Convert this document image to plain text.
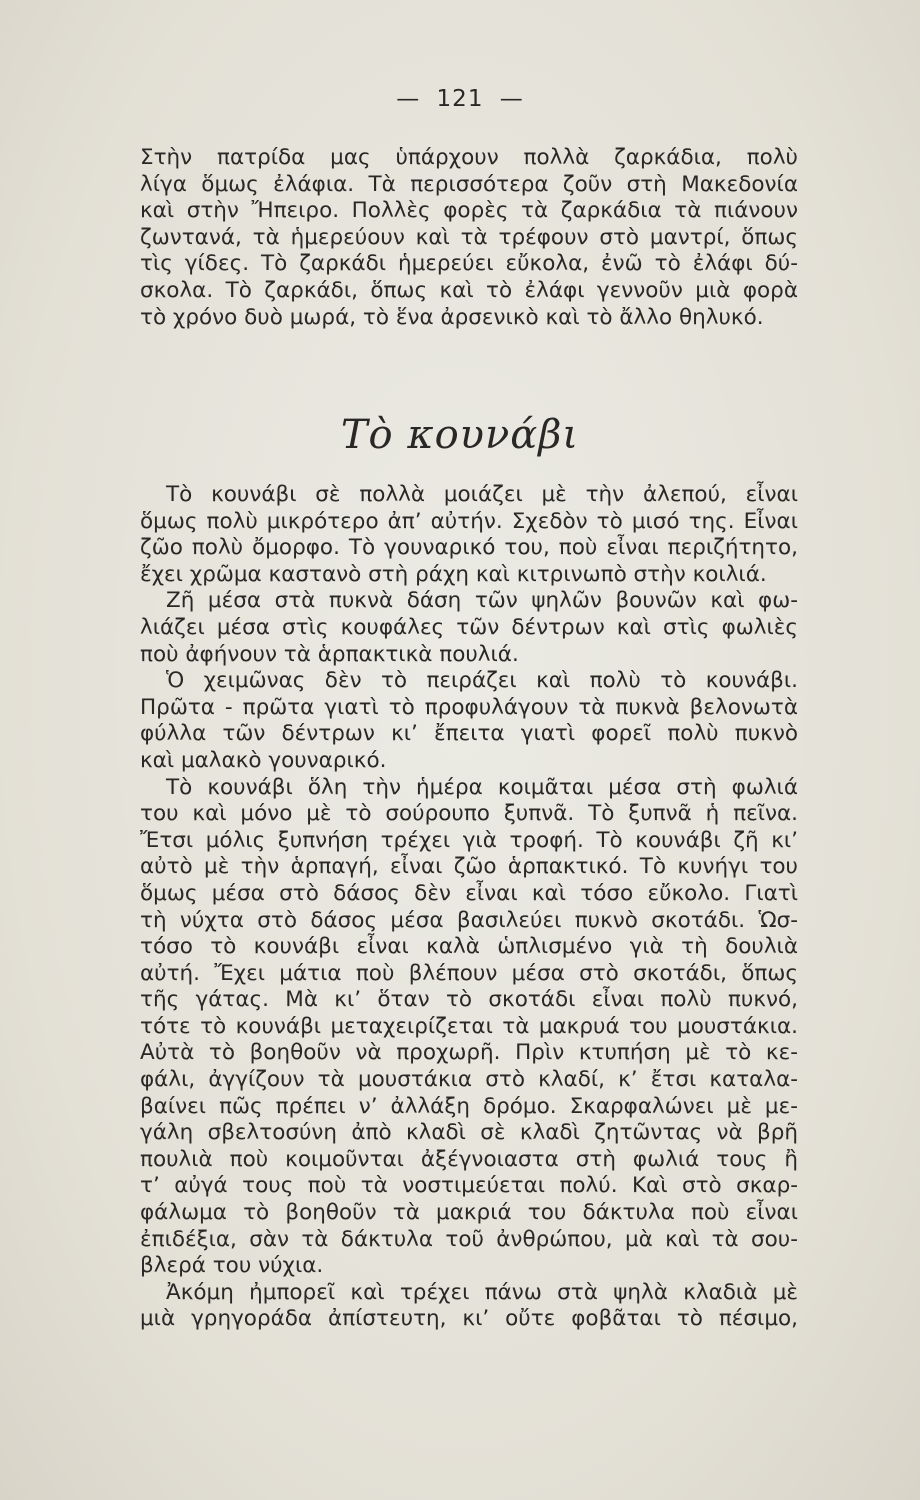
— 121 —
Στὴν πατρίδα μας ὑπάρχουν πολλὰ ζαρκάδια, πολὺ
λίγα ὅμως ἐλάφια. Τὰ περισσότερα ζοῦν στὴ Μακεδονία
καὶ στὴν Ἤπειρο. Πολλὲς φορὲς τὰ ζαρκάδια τὰ πιάνουν
ζωντανά, τὰ ἡμερεύουν καὶ τὰ τρέφουν στὸ μαντρί, ὅπως
τὶς γίδες. Τὸ ζαρκάδι ἡμερεύει εὔκολα, ἐνῶ τὸ ἐλάφι δύ-
σκολα. Τὸ ζαρκάδι, ὅπως καὶ τὸ ἐλάφι γεννοῦν μιὰ φορὰ
τὸ χρόνο δυὸ μωρά, τὸ ἕνα ἀρσενικὸ καὶ τὸ ἄλλο θηλυκό.
Τὸ κουνάβι
Τὸ κουνάβι σὲ πολλὰ μοιάζει μὲ τὴν ἀλεπού, εἶναι
ὅμως πολὺ μικρότερο ἀπ’ αὐτήν. Σχεδὸν τὸ μισό της. Εἶναι
ζῶο πολὺ ὄμορφο. Τὸ γουναρικό του, ποὺ εἶναι περιζήτητο,
ἔχει χρῶμα καστανὸ στὴ ράχη καὶ κιτρινωπὸ στὴν κοιλιά.
Ζῆ μέσα στὰ πυκνὰ δάση τῶν ψηλῶν βουνῶν καὶ φω-
λιάζει μέσα στὶς κουφάλες τῶν δέντρων καὶ στὶς φωλιὲς
ποὺ ἀφήνουν τὰ ἁρπακτικὰ πουλιά.
Ὁ χειμῶνας δὲν τὸ πειράζει καὶ πολὺ τὸ κουνάβι.
Πρῶτα - πρῶτα γιατὶ τὸ προφυλάγουν τὰ πυκνὰ βελονωτὰ
φύλλα τῶν δέντρων κι’ ἔπειτα γιατὶ φορεῖ πολὺ πυκνὸ
καὶ μαλακὸ γουναρικό.
Τὸ κουνάβι ὅλη τὴν ἡμέρα κοιμᾶται μέσα στὴ φωλιά
του καὶ μόνο μὲ τὸ σούρουπο ξυπνᾶ. Τὸ ξυπνᾶ ἡ πεῖνα.
Ἔτσι μόλις ξυπνήση τρέχει γιὰ τροφή. Τὸ κουνάβι ζῆ κι’
αὐτὸ μὲ τὴν ἁρπαγή, εἶναι ζῶο ἁρπακτικό. Τὸ κυνήγι του
ὅμως μέσα στὸ δάσος δὲν εἶναι καὶ τόσο εὔκολο. Γιατὶ
τὴ νύχτα στὸ δάσος μέσα βασιλεύει πυκνὸ σκοτάδι. Ὡσ-
τόσο τὸ κουνάβι εἶναι καλὰ ὡπλισμένο γιὰ τὴ δουλιὰ
αὐτή. Ἔχει μάτια ποὺ βλέπουν μέσα στὸ σκοτάδι, ὅπως
τῆς γάτας. Μὰ κι’ ὅταν τὸ σκοτάδι εἶναι πολὺ πυκνό,
τότε τὸ κουνάβι μεταχειρίζεται τὰ μακρυά του μουστάκια.
Αὐτὰ τὸ βοηθοῦν νὰ προχωρῆ. Πρὶν κτυπήση μὲ τὸ κε-
φάλι, ἀγγίζουν τὰ μουστάκια στὸ κλαδί, κ’ ἔτσι καταλα-
βαίνει πῶς πρέπει ν’ ἀλλάξη δρόμο. Σκαρφαλώνει μὲ με-
γάλη σβελτοσύνη ἀπὸ κλαδὶ σὲ κλαδὶ ζητῶντας νὰ βρῆ
πουλιὰ ποὺ κοιμοῦνται ἀξέγνοιαστα στὴ φωλιά τους ἢ
τ’ αὐγά τους ποὺ τὰ νοστιμεύεται πολύ. Καὶ στὸ σκαρ-
φάλωμα τὸ βοηθοῦν τὰ μακριά του δάκτυλα ποὺ εἶναι
ἐπιδέξια, σὰν τὰ δάκτυλα τοῦ ἀνθρώπου, μὰ καὶ τὰ σου-
βλερά του νύχια.
Ἀκόμη ἠμπορεῖ καὶ τρέχει πάνω στὰ ψηλὰ κλαδιὰ μὲ
μιὰ γρηγοράδα ἀπίστευτη, κι’ οὔτε φοβᾶται τὸ πέσιμο,
